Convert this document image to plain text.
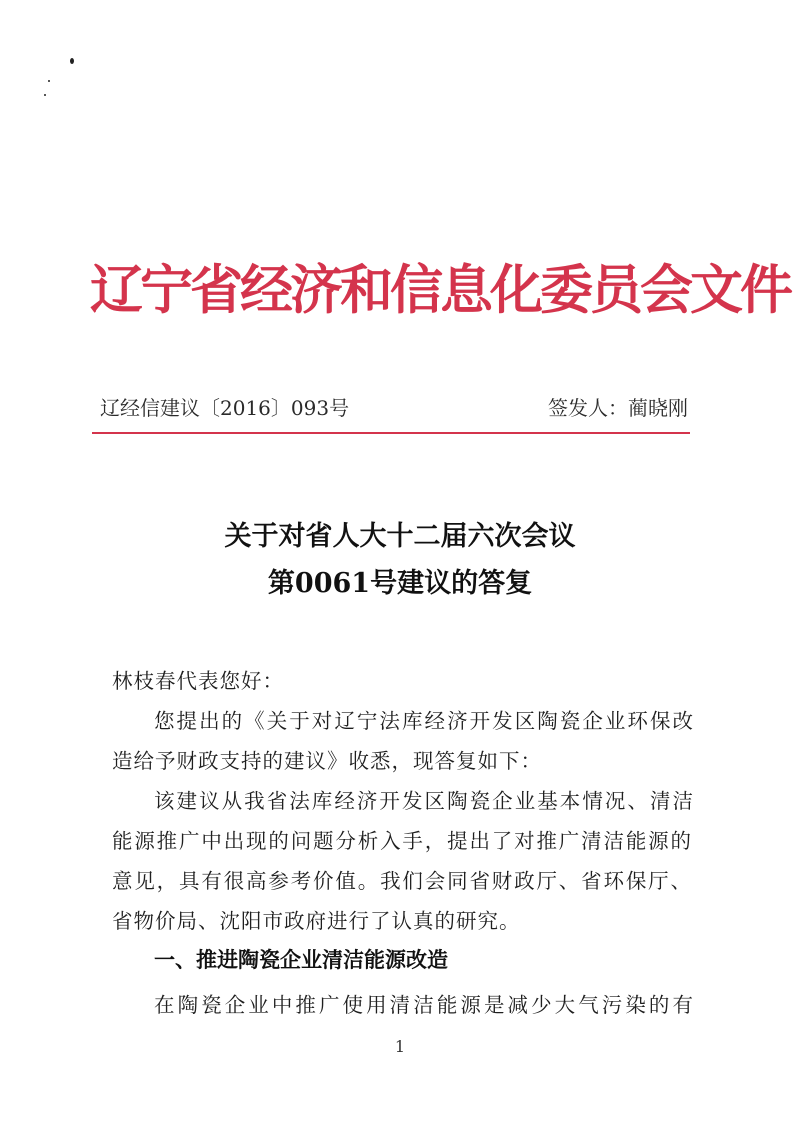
辽宁省经济和信息化委员会文件
辽经信建议〔2016〕093号	签发人：蔺晓刚
关于对省人大十二届六次会议
第0061号建议的答复
林枝春代表您好：
您提出的《关于对辽宁法库经济开发区陶瓷企业环保改
造给予财政支持的建议》收悉，现答复如下：
该建议从我省法库经济开发区陶瓷企业基本情况、清洁
能源推广中出现的问题分析入手，提出了对推广清洁能源的
意见，具有很高参考价值。我们会同省财政厅、省环保厅、
省物价局、沈阳市政府进行了认真的研究。
一、推进陶瓷企业清洁能源改造
在陶瓷企业中推广使用清洁能源是减少大气污染的有
1
